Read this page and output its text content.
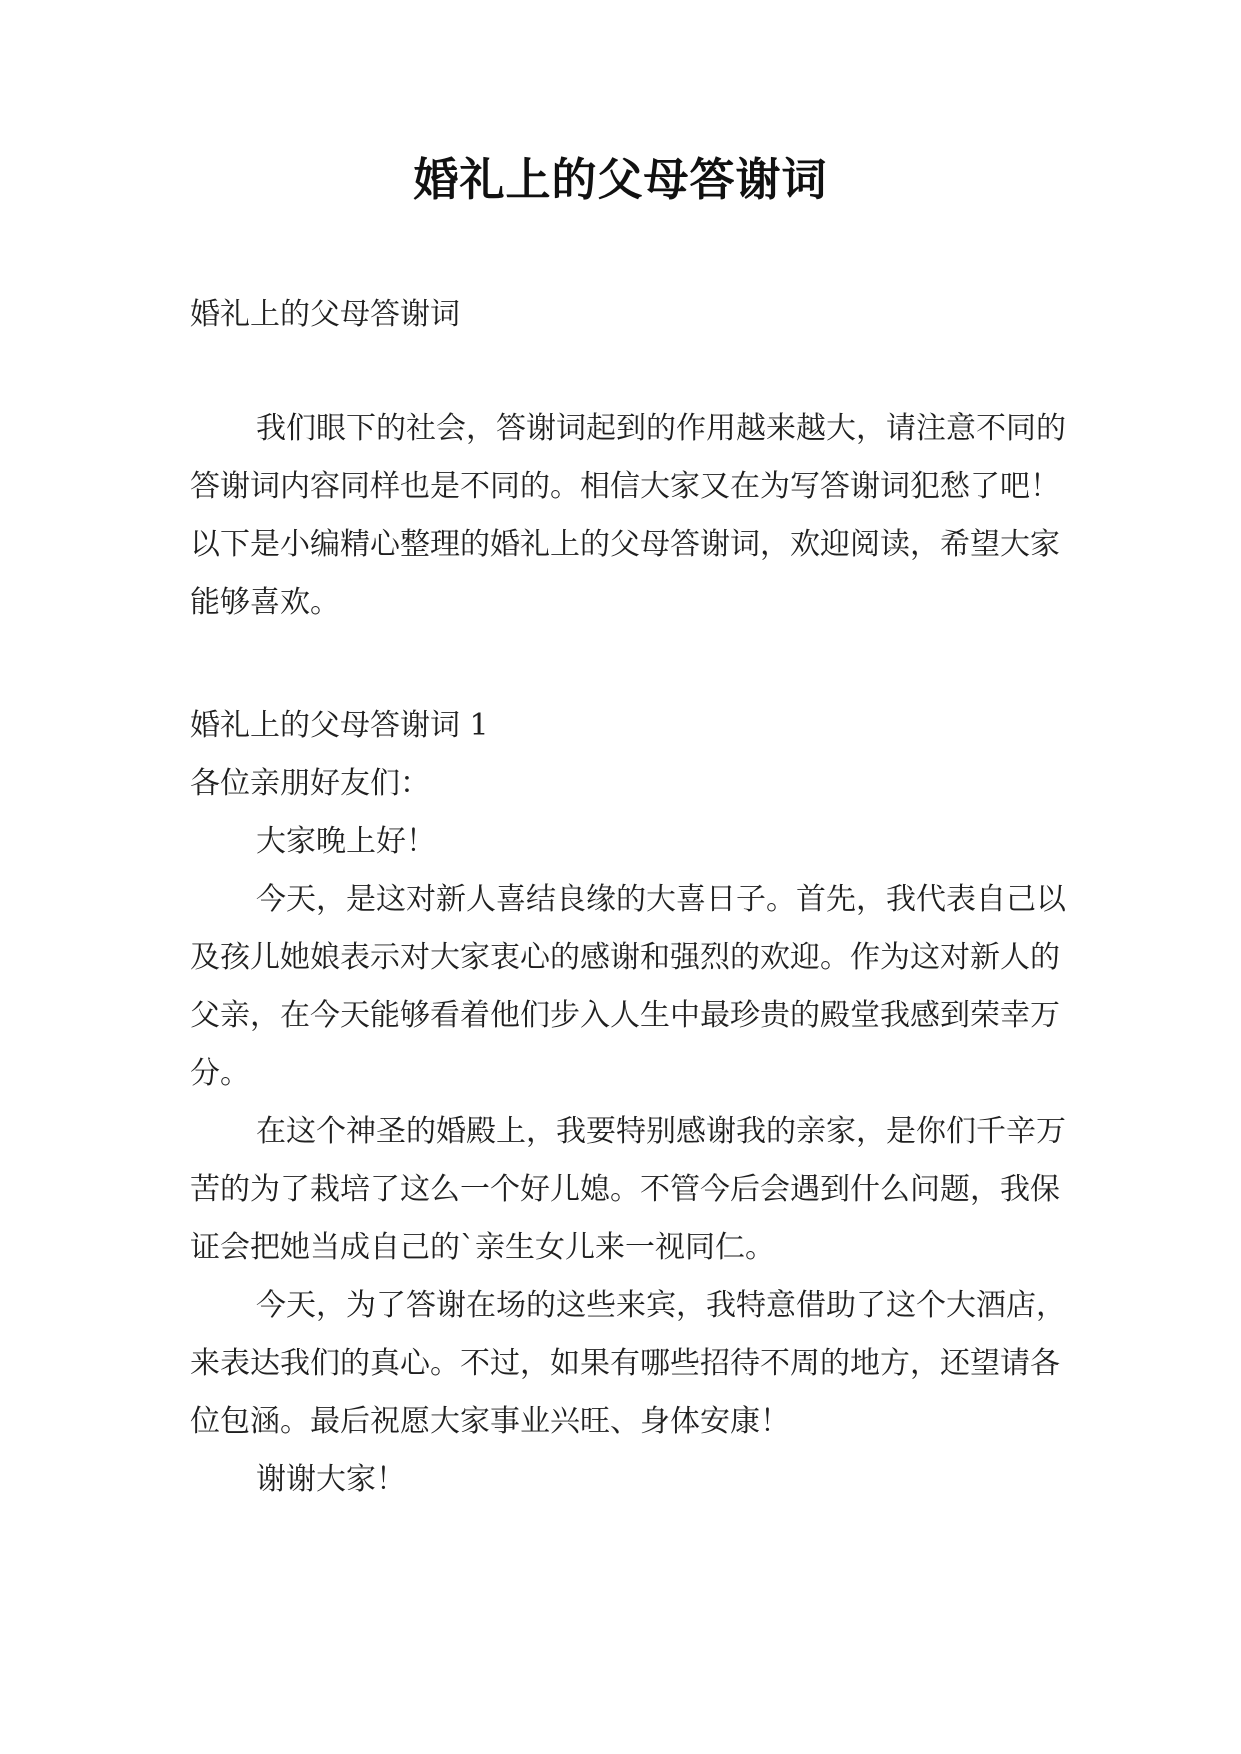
婚礼上的父母答谢词

婚礼上的父母答谢词

我们眼下的社会，答谢词起到的作用越来越大，请注意不同的答谢词内容同样也是不同的。相信大家又在为写答谢词犯愁了吧！以下是小编精心整理的婚礼上的父母答谢词，欢迎阅读，希望大家能够喜欢。

婚礼上的父母答谢词 1

各位亲朋好友们：

大家晚上好！

今天，是这对新人喜结良缘的大喜日子。首先，我代表自己以及孩儿她娘表示对大家衷心的感谢和强烈的欢迎。作为这对新人的父亲，在今天能够看着他们步入人生中最珍贵的殿堂我感到荣幸万分。

在这个神圣的婚殿上，我要特别感谢我的亲家，是你们千辛万苦的为了栽培了这么一个好儿媳。不管今后会遇到什么问题，我保证会把她当成自己的`亲生女儿来一视同仁。

今天，为了答谢在场的这些来宾，我特意借助了这个大酒店，来表达我们的真心。不过，如果有哪些招待不周的地方，还望请各位包涵。最后祝愿大家事业兴旺、身体安康！

谢谢大家！
